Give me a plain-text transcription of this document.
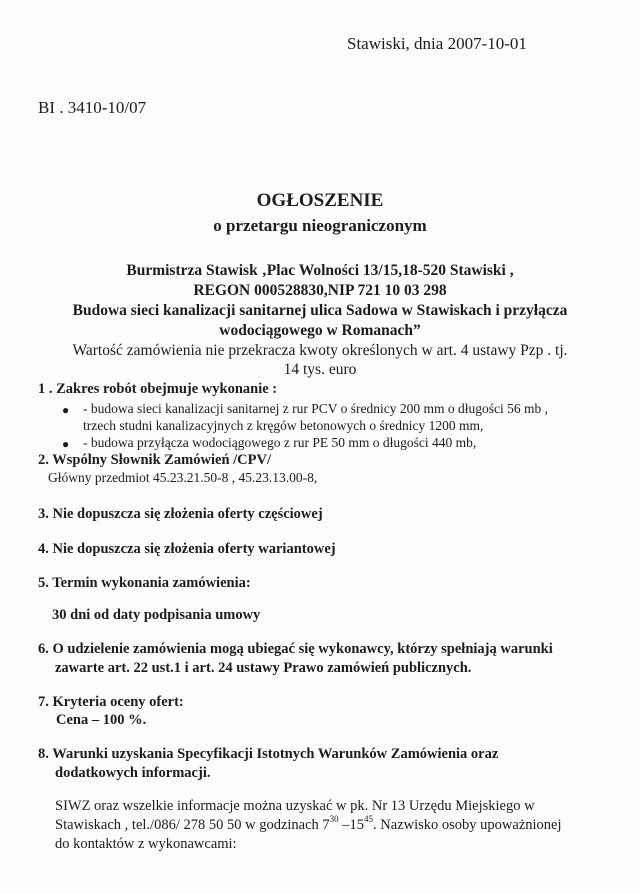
Stawiski, dnia 2007-10-01
BI . 3410-10/07
OGŁOSZENIE
o przetargu nieograniczonym
Burmistrza Stawisk ‚Plac Wolności 13/15,18-520 Stawiski ,
REGON 000528830,NIP 721 10 03 298
Budowa sieci kanalizacji sanitarnej ulica Sadowa w Stawiskach i przyłącza
wodociągowego w Romanach”
Wartość zamówienia nie przekracza kwoty określonych w art. 4 ustawy Pzp . tj.
14 tys. euro
1 . Zakres robót obejmuje wykonanie :
● - budowa sieci kanalizacji sanitarnej z rur PCV o średnicy 200 mm o długości 56 mb ,
trzech studni kanalizacyjnych z kręgów betonowych o średnicy 1200 mm,
● - budowa przyłącza wodociągowego z rur PE 50 mm o długości 440 mb,
2. Wspólny Słownik Zamówień /CPV/
Główny przedmiot 45.23.21.50-8 , 45.23.13.00-8,
3. Nie dopuszcza się złożenia oferty częściowej
4. Nie dopuszcza się złożenia oferty wariantowej
5. Termin wykonania zamówienia:
30 dni od daty podpisania umowy
6. O udzielenie zamówienia mogą ubiegać się wykonawcy, którzy spełniają warunki
zawarte art. 22 ust.1 i art. 24 ustawy Prawo zamówień publicznych.
7. Kryteria oceny ofert:
Cena – 100 %.
8. Warunki uzyskania Specyfikacji Istotnych Warunków Zamówienia oraz
dodatkowych informacji.
SIWZ oraz wszelkie informacje można uzyskać w pk. Nr 13 Urzędu Miejskiego w
Stawiskach , tel./086/ 278 50 50 w godzinach $7^{30}$ $-15^{45}$. Nazwisko osoby upoważnionej
do kontaktów z wykonawcami:
